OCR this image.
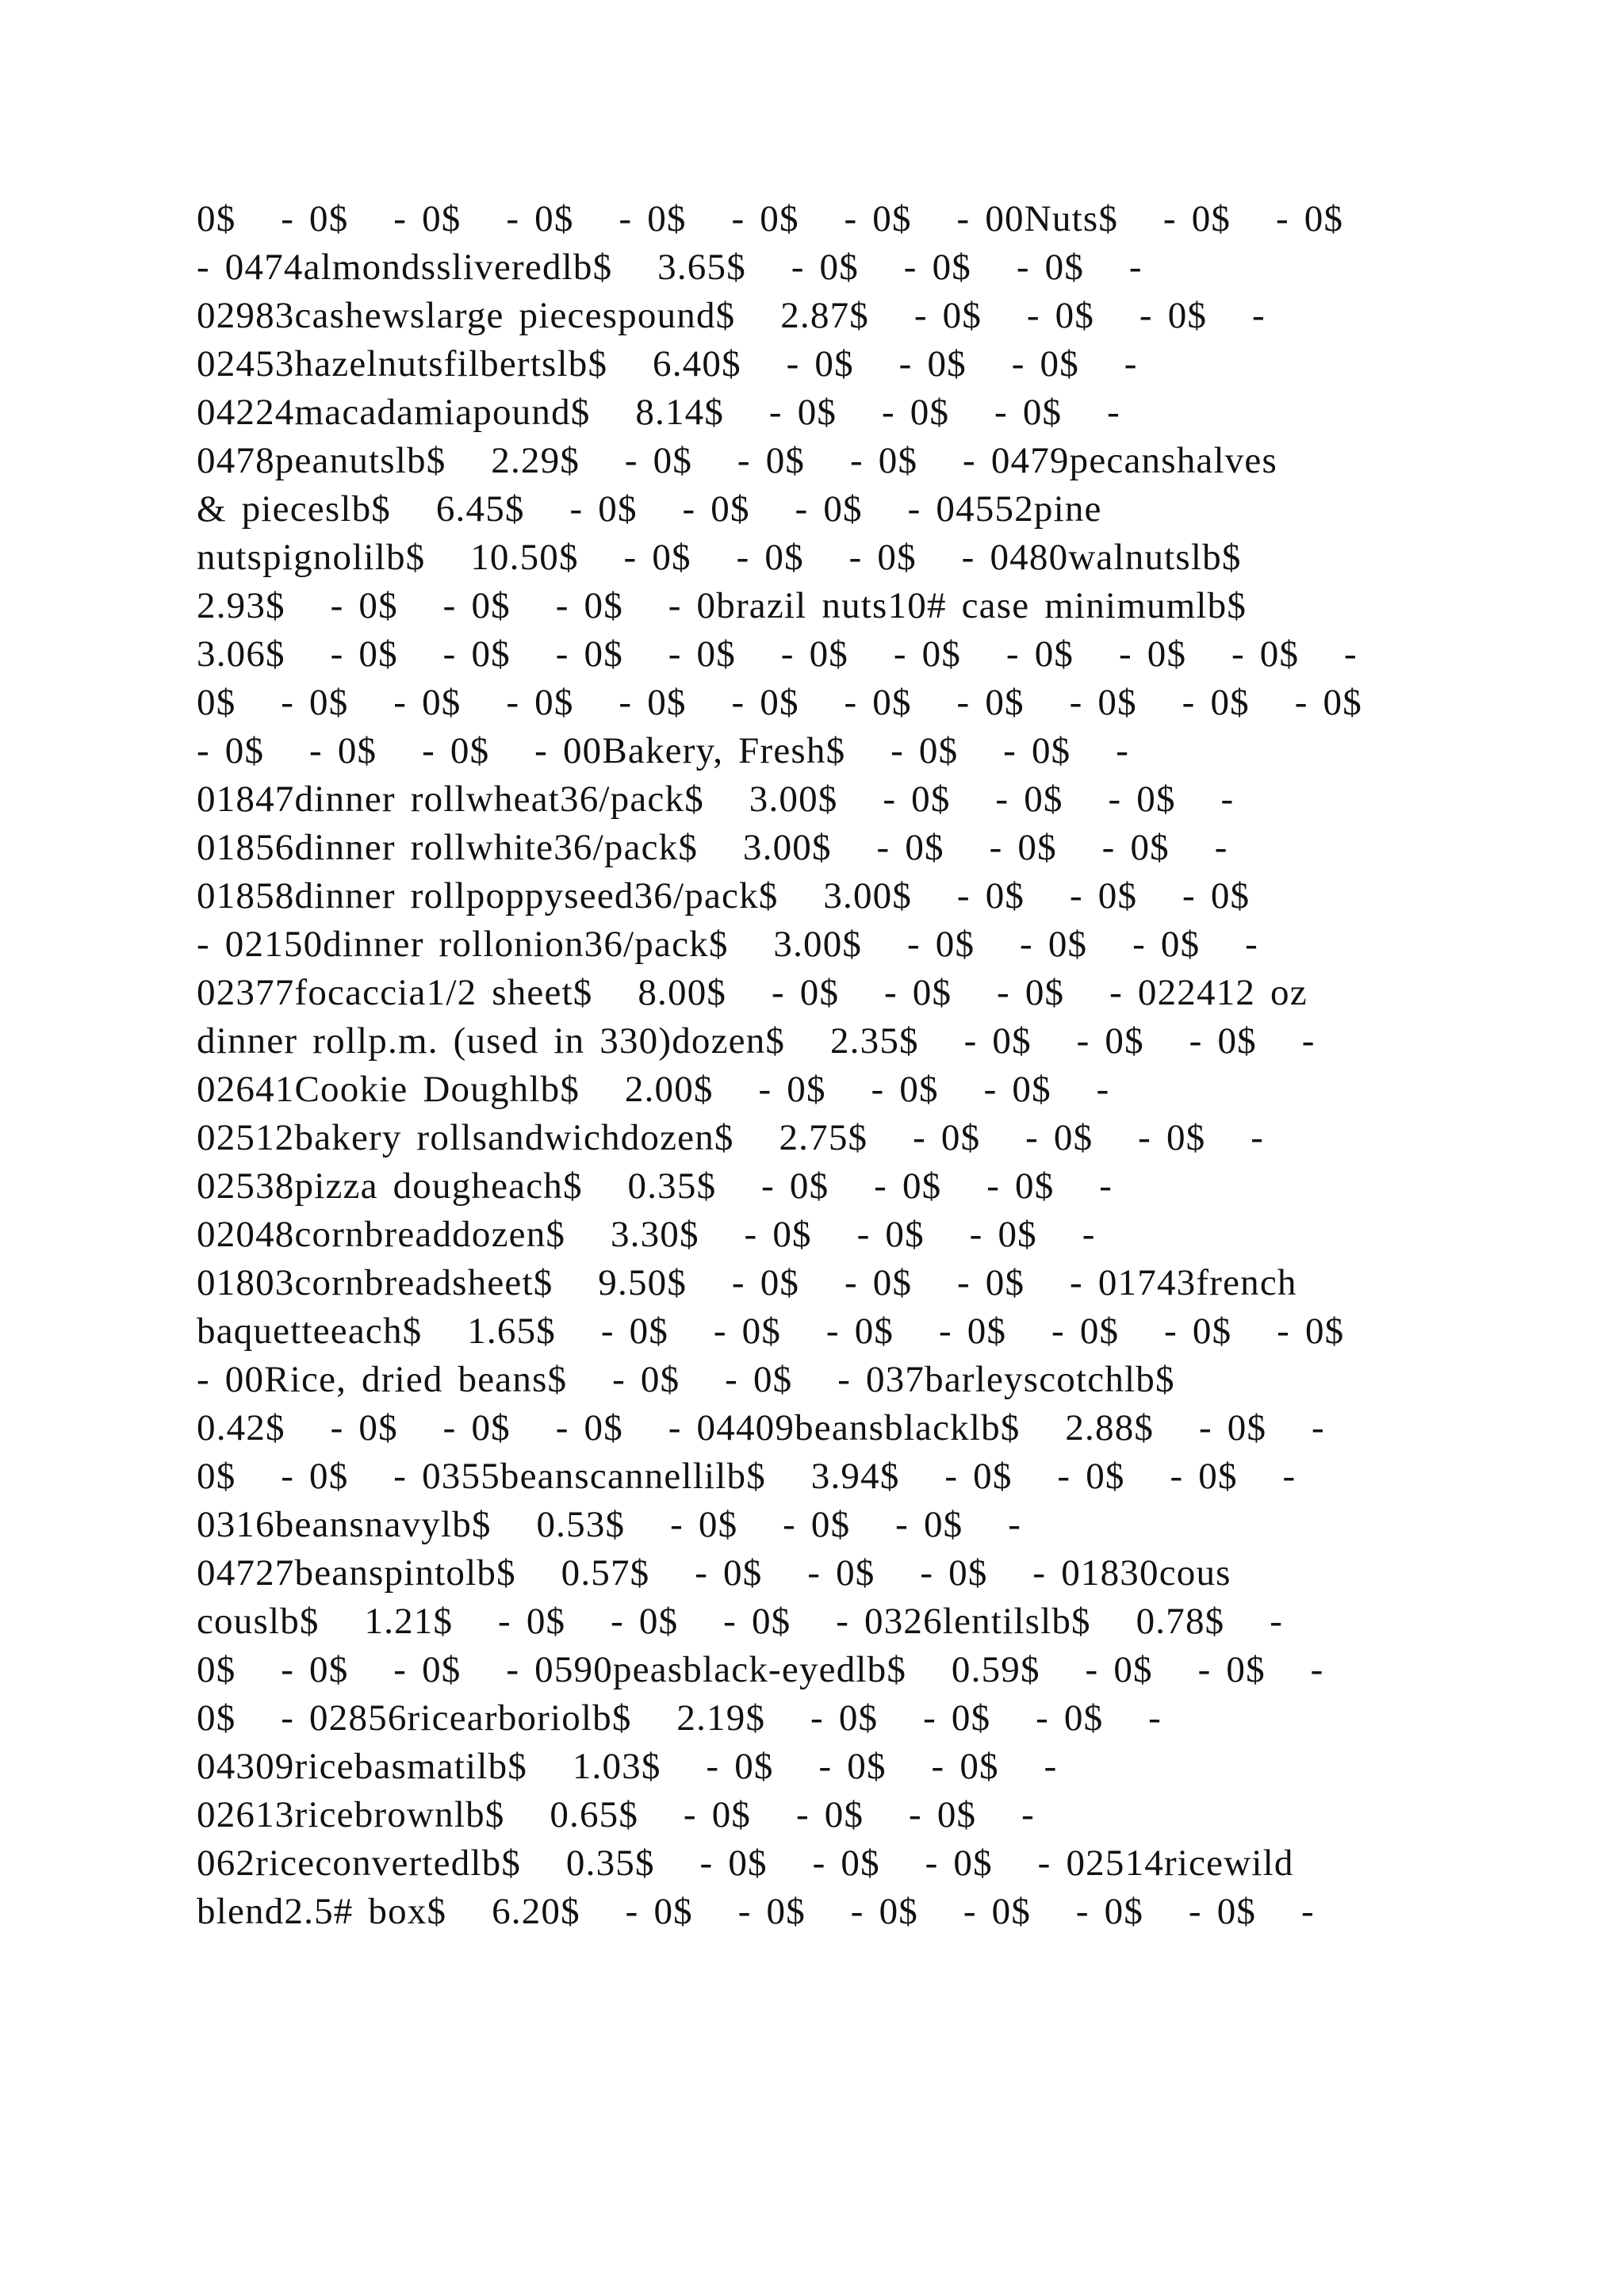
0$   - 0$   - 0$   - 0$   - 0$   - 0$   - 0$   - 00Nuts$   - 0$   - 0$
- 0474almondssliveredlb$   3.65$   - 0$   - 0$   - 0$   -
02983cashewslarge piecespound$   2.87$   - 0$   - 0$   - 0$   -
02453hazelnutsfilbertslb$   6.40$   - 0$   - 0$   - 0$   -
04224macadamiapound$   8.14$   - 0$   - 0$   - 0$   -
0478peanutslb$   2.29$   - 0$   - 0$   - 0$   - 0479pecanshalves
& pieceslb$   6.45$   - 0$   - 0$   - 0$   - 04552pine
nutspignolilb$   10.50$   - 0$   - 0$   - 0$   - 0480walnutslb$
2.93$   - 0$   - 0$   - 0$   - 0brazil nuts10# case minimumlb$
3.06$   - 0$   - 0$   - 0$   - 0$   - 0$   - 0$   - 0$   - 0$   - 0$   -
0$   - 0$   - 0$   - 0$   - 0$   - 0$   - 0$   - 0$   - 0$   - 0$   - 0$
- 0$   - 0$   - 0$   - 00Bakery, Fresh$   - 0$   - 0$   -
01847dinner rollwheat36/pack$   3.00$   - 0$   - 0$   - 0$   -
01856dinner rollwhite36/pack$   3.00$   - 0$   - 0$   - 0$   -
01858dinner rollpoppyseed36/pack$   3.00$   - 0$   - 0$   - 0$
- 02150dinner rollonion36/pack$   3.00$   - 0$   - 0$   - 0$   -
02377focaccia1/2 sheet$   8.00$   - 0$   - 0$   - 0$   - 022412 oz
dinner rollp.m. (used in 330)dozen$   2.35$   - 0$   - 0$   - 0$   -
02641Cookie Doughlb$   2.00$   - 0$   - 0$   - 0$   -
02512bakery rollsandwichdozen$   2.75$   - 0$   - 0$   - 0$   -
02538pizza dougheach$   0.35$   - 0$   - 0$   - 0$   -
02048cornbreaddozen$   3.30$   - 0$   - 0$   - 0$   -
01803cornbreadsheet$   9.50$   - 0$   - 0$   - 0$   - 01743french
baquetteeach$   1.65$   - 0$   - 0$   - 0$   - 0$   - 0$   - 0$   - 0$
- 00Rice, dried beans$   - 0$   - 0$   - 037barleyscotchlb$
0.42$   - 0$   - 0$   - 0$   - 04409beansblacklb$   2.88$   - 0$   -
0$   - 0$   - 0355beanscannellilb$   3.94$   - 0$   - 0$   - 0$   -
0316beansnavylb$   0.53$   - 0$   - 0$   - 0$   -
04727beanspintolb$   0.57$   - 0$   - 0$   - 0$   - 01830cous
couslb$   1.21$   - 0$   - 0$   - 0$   - 0326lentilslb$   0.78$   -
0$   - 0$   - 0$   - 0590peasblack-eyedlb$   0.59$   - 0$   - 0$   -
0$   - 02856ricearboriolb$   2.19$   - 0$   - 0$   - 0$   -
04309ricebasmatilb$   1.03$   - 0$   - 0$   - 0$   -
02613ricebrownlb$   0.65$   - 0$   - 0$   - 0$   -
062riceconvertedlb$   0.35$   - 0$   - 0$   - 0$   - 02514ricewild
blend2.5# box$   6.20$   - 0$   - 0$   - 0$   - 0$   - 0$   - 0$   -
